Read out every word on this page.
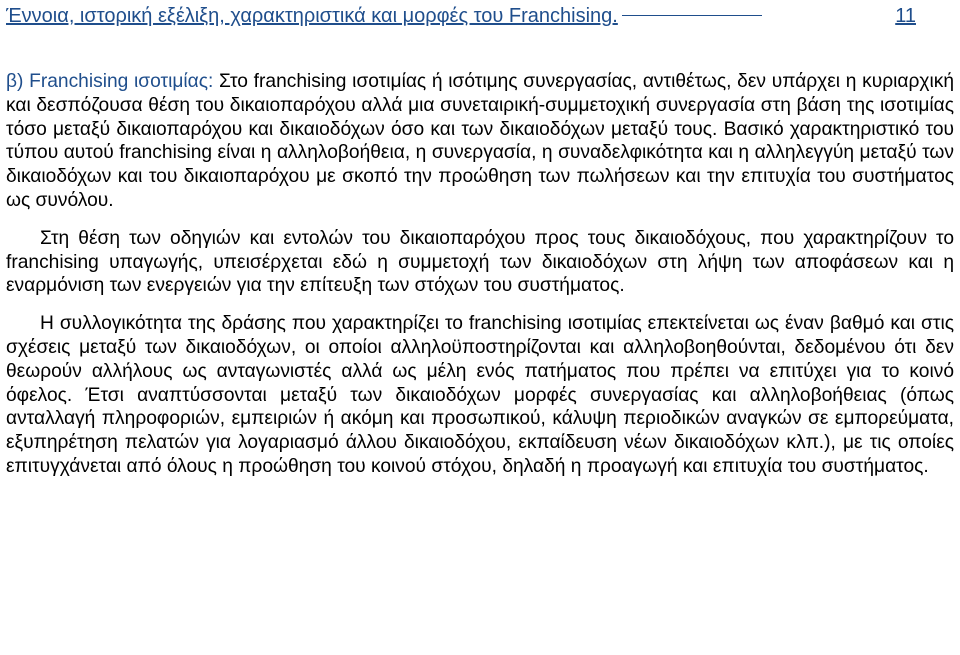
Έννοια, ιστορική εξέλιξη, χαρακτηριστικά και μορφές του Franchising.	11

β) Franchising ισοτιμίας: Στο franchising ισοτιμίας ή ισότιμης συνεργασίας, αντιθέτως, δεν υπάρχει η κυριαρχική και δεσπόζουσα θέση του δικαιοπαρόχου αλλά μια συνεταιρική-συμμετοχική συνεργασία στη βάση της ισοτιμίας τόσο μεταξύ δικαιοπαρόχου και δικαιοδόχων όσο και των δικαιοδόχων μεταξύ τους. Βασικό χαρακτηριστικό του τύπου αυτού franchising είναι η αλληλοβοήθεια, η συνεργασία, η συναδελφικότητα και η αλληλεγγύη μεταξύ των δικαιοδόχων και του δικαιοπαρόχου με σκοπό την προώθηση των πωλήσεων και την επιτυχία του συστήματος ως συνόλου.

Στη θέση των οδηγιών και εντολών του δικαιοπαρόχου προς τους δικαιοδόχους, που χαρακτηρίζουν το franchising υπαγωγής, υπεισέρχεται εδώ η συμμετοχή των δικαιοδόχων στη λήψη των αποφάσεων και η εναρμόνιση των ενεργειών για την επίτευξη των στόχων του συστήματος.

Η συλλογικότητα της δράσης που χαρακτηρίζει το franchising ισοτιμίας επεκτείνεται ως έναν βαθμό και στις σχέσεις μεταξύ των δικαιοδόχων, οι οποίοι αλληλοϋποστηρίζονται και αλληλοβοηθούνται, δεδομένου ότι δεν θεωρούν αλλήλους ως ανταγωνιστές αλλά ως μέλη ενός πατήματος που πρέπει να επιτύχει για το κοινό όφελος. Έτσι αναπτύσσονται μεταξύ των δικαιοδόχων μορφές συνεργασίας και αλληλοβοήθειας (όπως ανταλλαγή πληροφοριών, εμπειριών ή ακόμη και προσωπικού, κάλυψη περιοδικών αναγκών σε εμπορεύματα, εξυπηρέτηση πελατών για λογαριασμό άλλου δικαιοδόχου, εκπαίδευση νέων δικαιοδόχων κλπ.), με τις οποίες επιτυγχάνεται από όλους η προώθηση του κοινού στόχου, δηλαδή η προαγωγή και επιτυχία του συστήματος.
